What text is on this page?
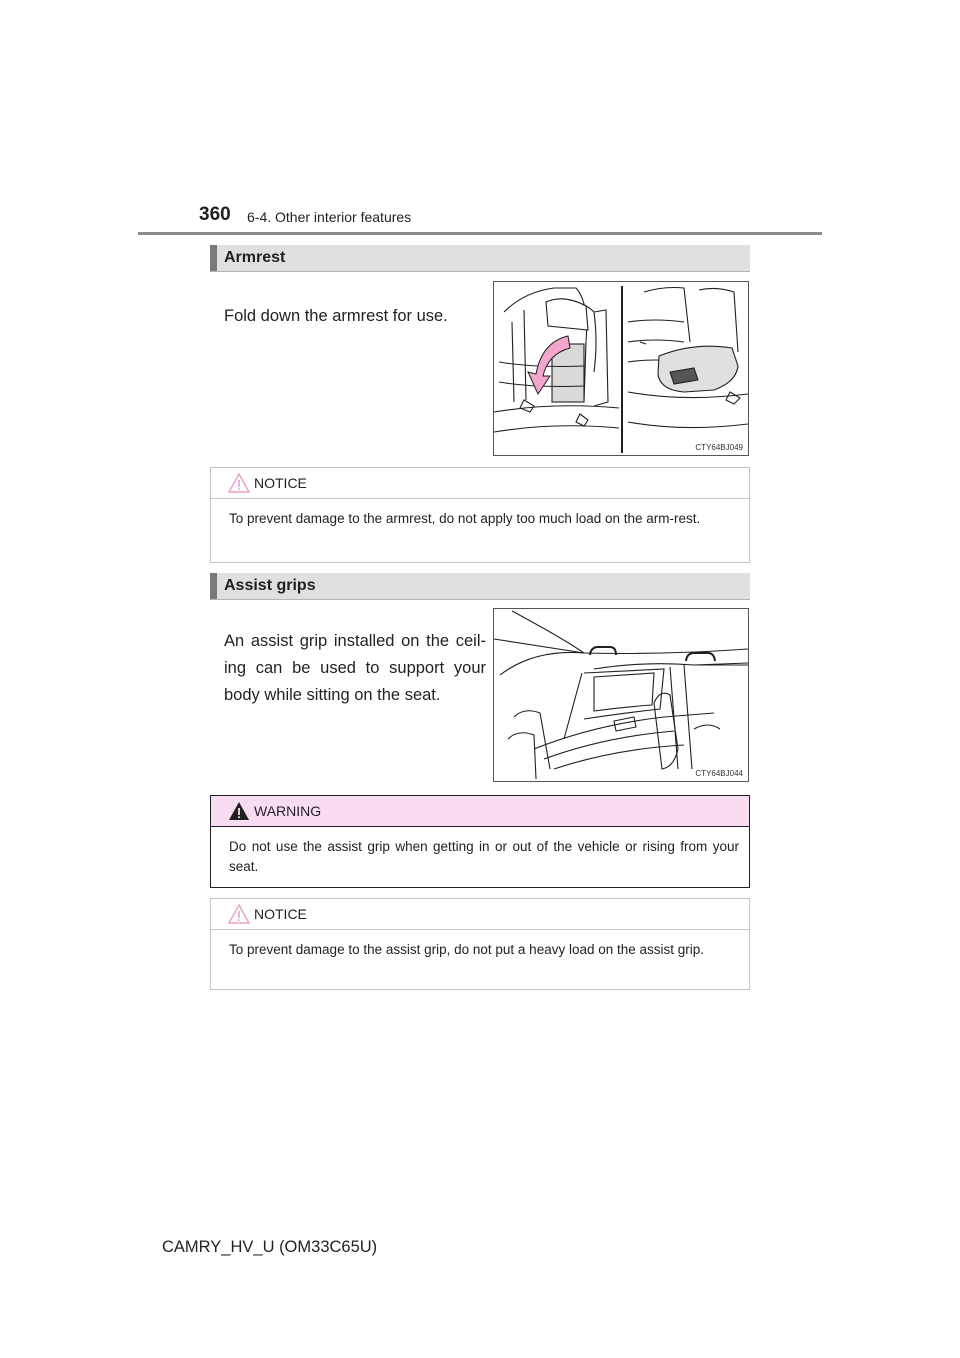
360 6-4. Other interior features
Armrest
Fold down the armrest for use.
CTY64BJ049
NOTICE
To prevent damage to the armrest, do not apply too much load on the arm-rest.
Assist grips
An assist grip installed on the ceil-ing can be used to support your body while sitting on the seat.
CTY64BJ044
WARNING
Do not use the assist grip when getting in or out of the vehicle or rising from your seat.
NOTICE
To prevent damage to the assist grip, do not put a heavy load on the assist grip.
CAMRY_HV_U (OM33C65U)
